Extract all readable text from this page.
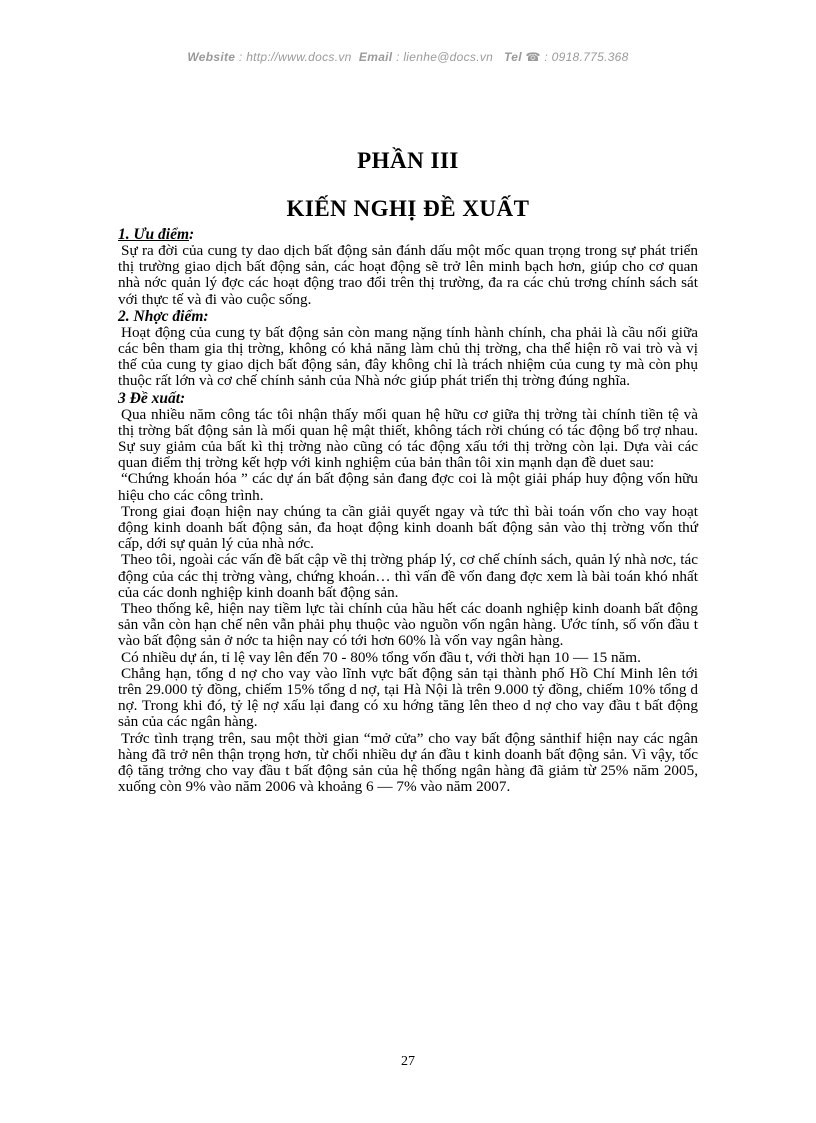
Website : http://www.docs.vn Email : lienhe@docs.vn Tel ☎ : 0918.775.368
PHẦN III
KIẾN NGHỊ ĐỀ XUẤT
1. Ưu điểm:

Sự ra đời của cung ty dao dịch bất động sản đánh dấu một mốc quan trọng trong sự phát triển thị trường giao dịch bất động sản, các hoạt động sẽ trở lên minh bạch hơn, giúp cho cơ quan nhà nớc quản lý đợc các hoạt động trao đổi trên thị trường, đa ra các chủ trơng chính sách sát với thực tế và đi vào cuộc sống.

2. Nhợc điểm:

Hoạt động của cung ty bất động sản còn mang nặng tính hành chính, cha phải là cầu nối giữa các bên tham gia thị trờng, không có khả năng làm chủ thị trờng, cha thể hiện rõ vai trò và vị thế của cung ty giao dịch bất động sản, đây không chỉ là trách nhiệm của cung ty mà còn phụ thuộc rất lớn và cơ chế chính sảnh của Nhà nớc giúp phát triển thị trờng đúng nghĩa.

3 Đề xuất:

Qua nhiều năm công tác tôi nhận thấy mối quan hệ hữu cơ giữa thị trờng tài chính tiền tệ và thị trờng bất động sản là mối quan hệ mật thiết, không tách rời chúng có tác động bổ trợ nhau. Sự suy giảm của bất kì thị trờng nào cũng có tác động xấu tới thị trờng còn lại. Dựa vài các quan điểm thị trờng kết hợp với kinh nghiệm của bản thân tôi xin mạnh dạn đề duet sau:

“Chứng khoán hóa ” các dự án bất động sản đang đợc coi là một giải pháp huy động vốn hữu hiệu cho các công trình.

Trong giai đoạn hiện nay chúng ta cần giải quyết ngay và tức thì bài toán vốn cho vay hoạt động kinh doanh bất động sản, đa hoạt động kinh doanh bất động sản vào thị trờng vốn thứ cấp, dới sự quản lý của nhà nớc.

Theo tôi, ngoài các vấn đề bất cập về thị trờng pháp lý, cơ chế chính sách, quản lý nhà nơc, tác động của các thị trờng vàng, chứng khoán… thì vấn đề vốn đang đợc xem là bài toán khó nhất của các donh nghiệp kinh doanh bất động sản.

Theo thống kê, hiện nay tiềm lực tài chính của hầu hết các doanh nghiệp kinh doanh bất động sản vẫn còn hạn chế nên vẫn phải phụ thuộc vào nguồn vốn ngân hàng. Ước tính, số vốn đầu t vào bất động sản ở nớc ta hiện nay có tới hơn 60% là vốn vay ngân hàng.

Có nhiều dự án, tỉ lệ vay lên đến 70 - 80% tổng vốn đầu t, với thời hạn 10 — 15 năm.

Chẳng hạn, tổng d nợ cho vay vào lĩnh vực bất động sản tại thành phố Hồ Chí Minh lên tới trên 29.000 tỷ đồng, chiếm 15% tổng d nợ, tại Hà Nội là trên 9.000 tỷ đồng, chiếm 10% tổng d nợ. Trong khi đó, tỷ lệ nợ xấu lại đang có xu hớng tăng lên theo d nợ cho vay đầu t bất động sản của các ngân hàng.

Trớc tình trạng trên, sau một thời gian “mở cửa” cho vay bất động sảnthif hiện nay các ngân hàng đã trở nên thận trọng hơn, từ chối nhiều dự án đầu t kinh doanh bất động sản. Vì vậy, tốc độ tăng trởng cho vay đầu t bất động sản của hệ thống ngân hàng đã giảm từ 25% năm 2005, xuống còn 9% vào năm 2006 và khoảng 6 — 7% vào năm 2007.

27
